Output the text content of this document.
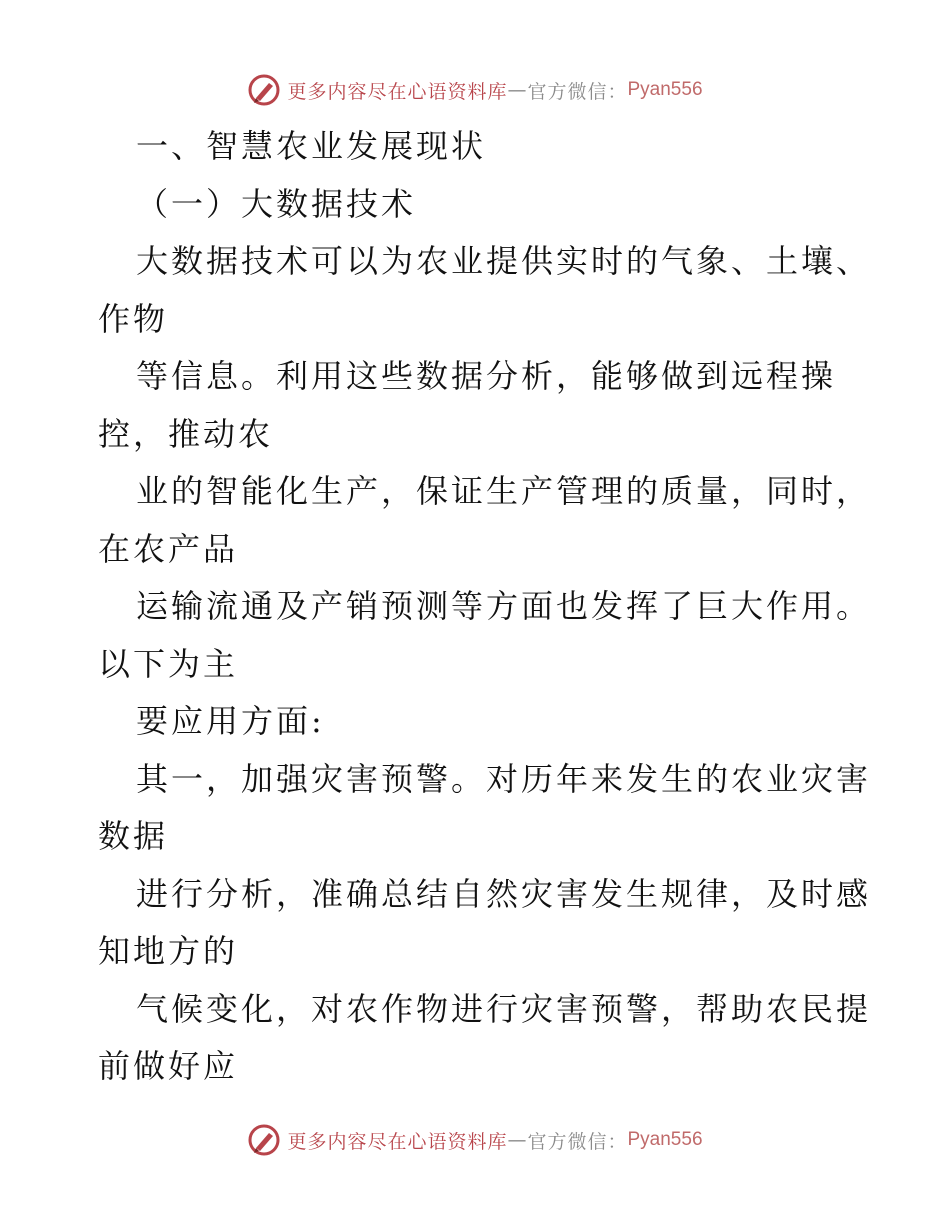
更多内容尽在心语资料库 — 官方微信： Pyan556
一、智慧农业发展现状
（一）大数据技术
大数据技术可以为农业提供实时的气象、土壤、
作物
等信息。利用这些数据分析，能够做到远程操
控，推动农
业的智能化生产，保证生产管理的质量，同时，
在农产品
运输流通及产销预测等方面也发挥了巨大作用。
以下为主
要应用方面:
其一，加强灾害预警。对历年来发生的农业灾害
数据
进行分析，准确总结自然灾害发生规律，及时感
知地方的
气候变化，对农作物进行灾害预警，帮助农民提
前做好应
更多内容尽在心语资料库 — 官方微信： Pyan556
